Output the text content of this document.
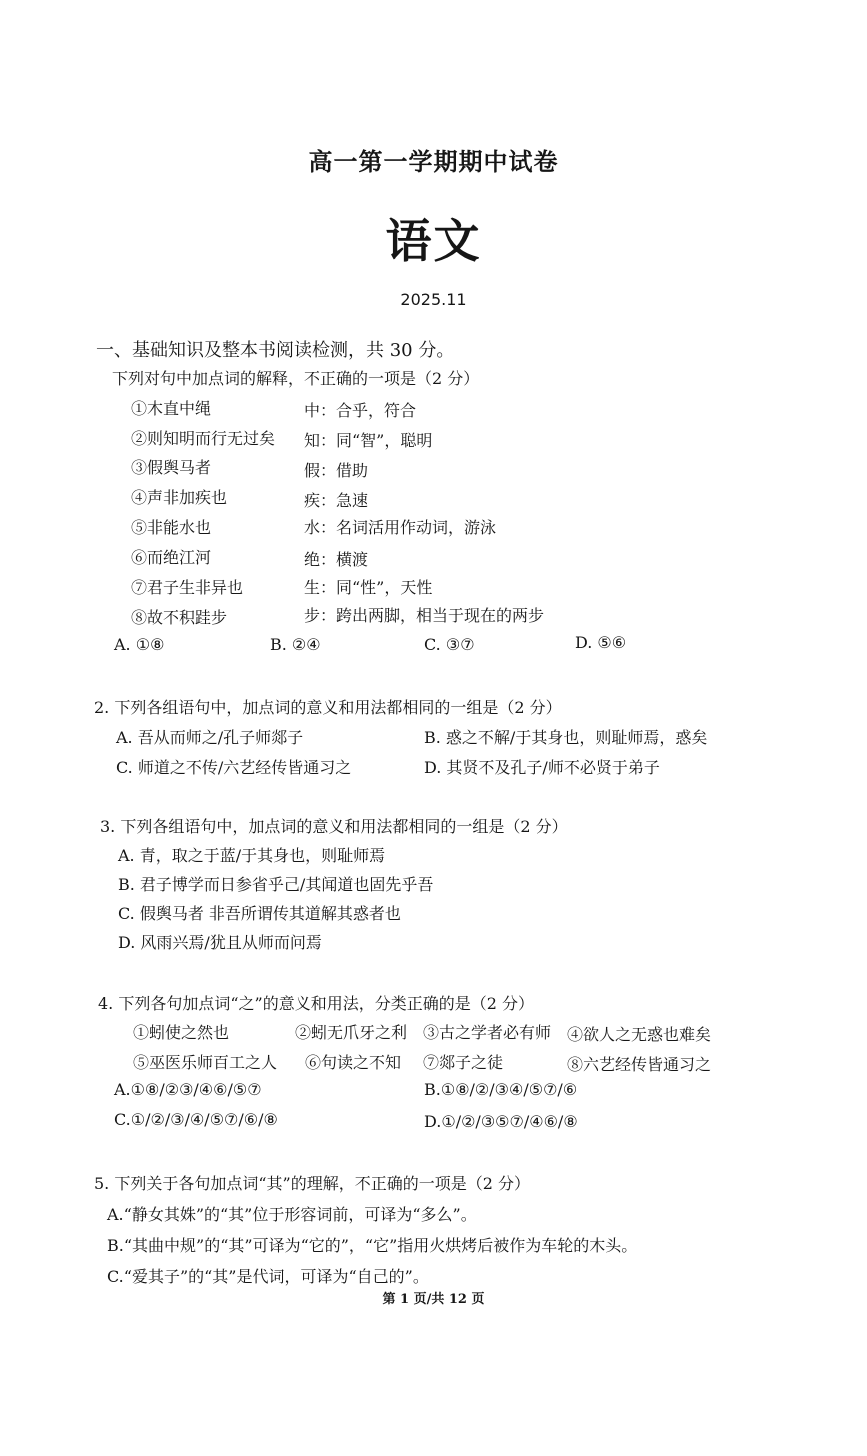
高一第一学期期中试卷
语文
2025.11
一、基础知识及整本书阅读检测，共 30 分。
下列对句中加点词的解释，不正确的一项是（2 分）
①木直中绳	中：合乎，符合
②则知明而行无过矣 知：同“智”，聪明
③假舆马者	假：借助
④声非加疾也	疾：急速
⑤非能水也	水：名词活用作动词，游泳
⑥而绝江河	绝：横渡
⑦君子生非异也	生：同“性”，天性
⑧故不积跬步	步：跨出两脚，相当于现在的两步
A. ①⑧	B. ②④	C. ③⑦	D. ⑤⑥
2. 下列各组语句中，加点词的意义和用法都相同的一组是（2 分）
A. 吾从而师之/孔子师郯子	B. 惑之不解/于其身也，则耻师焉，惑矣
C. 师道之不传/六艺经传皆通习之	D. 其贤不及孔子/师不必贤于弟子
3. 下列各组语句中，加点词的意义和用法都相同的一组是（2 分）
A. 青，取之于蓝/于其身也，则耻师焉
B. 君子博学而日参省乎己/其闻道也固先乎吾
C. 假舆马者 非吾所谓传其道解其惑者也
D. 风雨兴焉/犹且从师而问焉
4. 下列各句加点词“之”的意义和用法，分类正确的是（2 分）
①蚓使之然也	②蚓无爪牙之利 ③古之学者必有师 ④欲人之无惑也难矣
⑤巫医乐师百工之人 ⑥句读之不知 ⑦郯子之徒	⑧六艺经传皆通习之
A.①⑧/②③/④⑥/⑤⑦	B.①⑧/②/③④/⑤⑦/⑥
C.①/②/③/④/⑤⑦/⑥/⑧	D.①/②/③⑤⑦/④⑥/⑧
5. 下列关于各句加点词“其”的理解，不正确的一项是（2 分）
A.“静女其姝”的“其”位于形容词前，可译为“多么”。
B.“其曲中规”的“其”可译为“它的”，“它”指用火烘烤后被作为车轮的木头。
C.“爱其子”的“其”是代词，可译为“自己的”。
第 1 页/共 12 页
